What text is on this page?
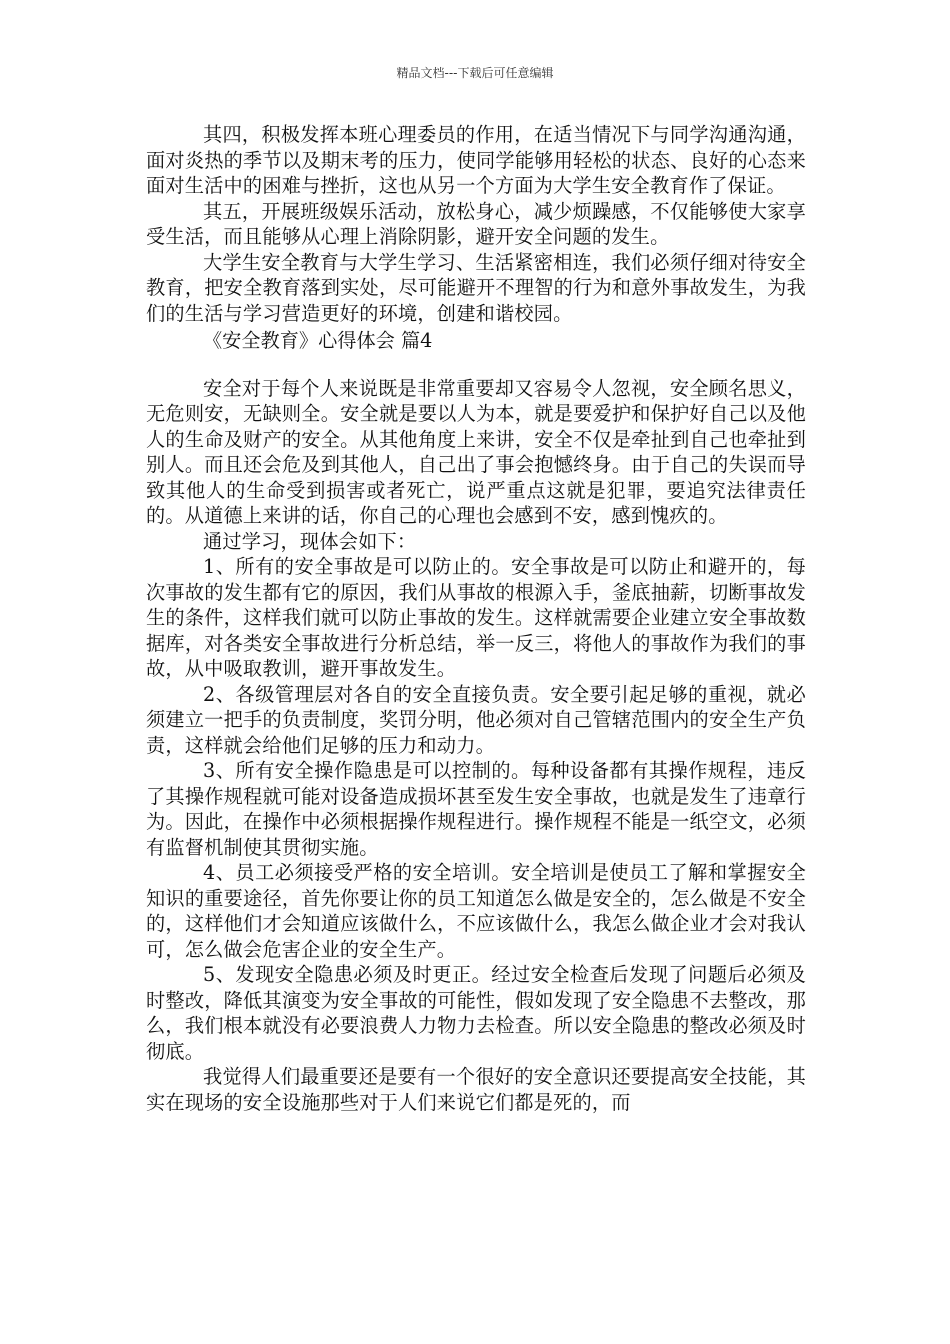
精品文档---下载后可任意编辑

其四，积极发挥本班心理委员的作用，在适当情况下与同学沟通沟通，面对炎热的季节以及期末考的压力，使同学能够用轻松的状态、良好的心态来面对生活中的困难与挫折，这也从另一个方面为大学生安全教育作了保证。

其五，开展班级娱乐活动，放松身心，减少烦躁感，不仅能够使大家享受生活，而且能够从心理上消除阴影，避开安全问题的发生。

大学生安全教育与大学生学习、生活紧密相连，我们必须仔细对待安全教育，把安全教育落到实处，尽可能避开不理智的行为和意外事故发生，为我们的生活与学习营造更好的环境，创建和谐校园。

《安全教育》心得体会 篇4

安全对于每个人来说既是非常重要却又容易令人忽视，安全顾名思义，无危则安，无缺则全。安全就是要以人为本，就是要爱护和保护好自己以及他人的生命及财产的安全。从其他角度上来讲，安全不仅是牵扯到自己也牵扯到别人。而且还会危及到其他人，自己出了事会抱憾终身。由于自己的失误而导致其他人的生命受到损害或者死亡，说严重点这就是犯罪，要追究法律责任的。从道德上来讲的话，你自己的心理也会感到不安，感到愧疚的。

通过学习，现体会如下：

1、所有的安全事故是可以防止的。安全事故是可以防止和避开的，每次事故的发生都有它的原因，我们从事故的根源入手，釜底抽薪，切断事故发生的条件，这样我们就可以防止事故的发生。这样就需要企业建立安全事故数据库，对各类安全事故进行分析总结，举一反三，将他人的事故作为我们的事故，从中吸取教训，避开事故发生。

2、各级管理层对各自的安全直接负责。安全要引起足够的重视，就必须建立一把手的负责制度，奖罚分明，他必须对自己管辖范围内的安全生产负责，这样就会给他们足够的压力和动力。

3、所有安全操作隐患是可以控制的。每种设备都有其操作规程，违反了其操作规程就可能对设备造成损坏甚至发生安全事故，也就是发生了违章行为。因此，在操作中必须根据操作规程进行。操作规程不能是一纸空文，必须有监督机制使其贯彻实施。

4、员工必须接受严格的安全培训。安全培训是使员工了解和掌握安全知识的重要途径，首先你要让你的员工知道怎么做是安全的，怎么做是不安全的，这样他们才会知道应该做什么，不应该做什么，我怎么做企业才会对我认可，怎么做会危害企业的安全生产。

5、发现安全隐患必须及时更正。经过安全检查后发现了问题后必须及时整改，降低其演变为安全事故的可能性，假如发现了安全隐患不去整改，那么，我们根本就没有必要浪费人力物力去检查。所以安全隐患的整改必须及时彻底。

我觉得人们最重要还是要有一个很好的安全意识还要提高安全技能，其实在现场的安全设施那些对于人们来说它们都是死的，而
